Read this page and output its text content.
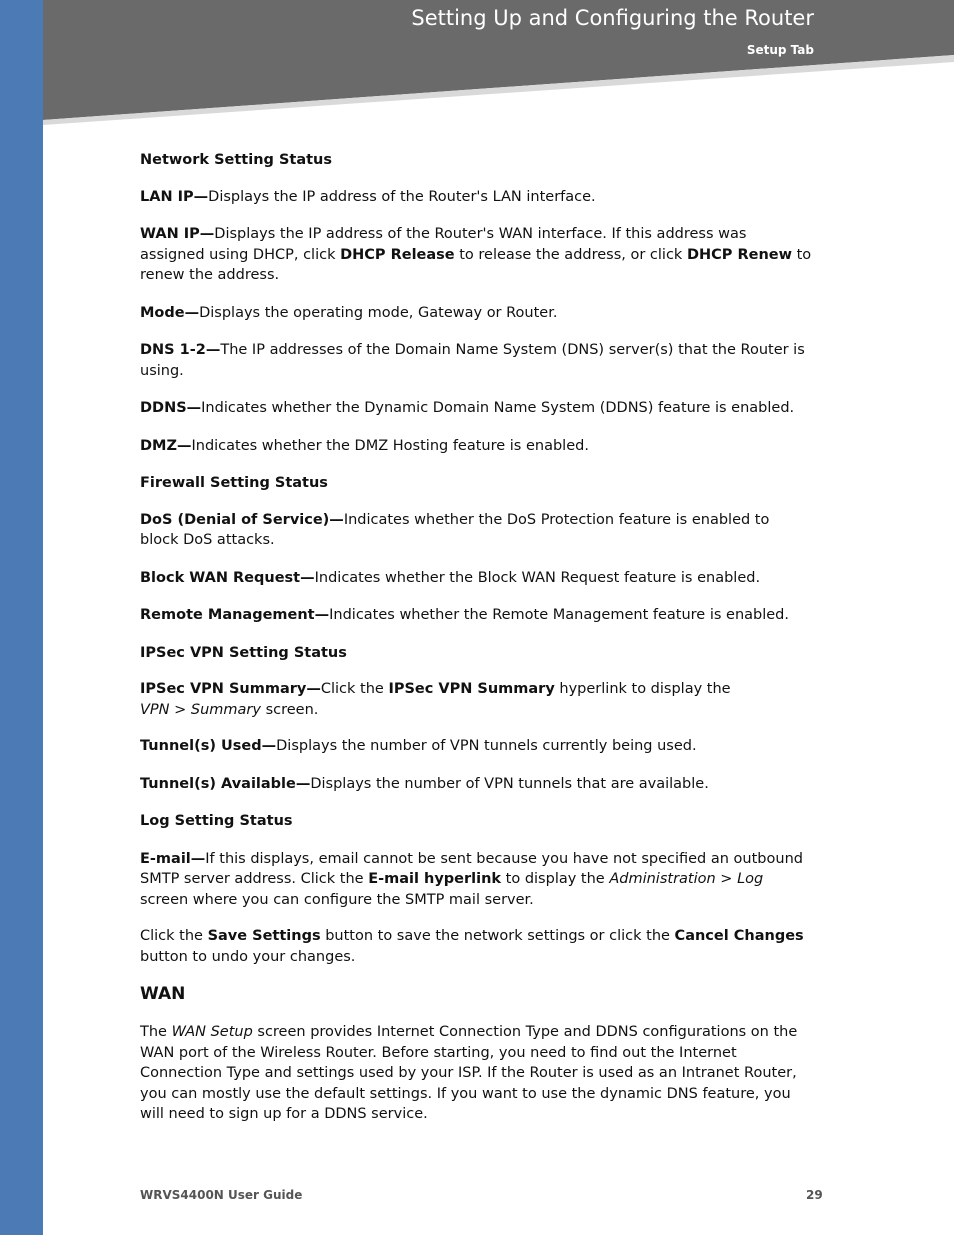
Setting Up and Configuring the Router
Setup Tab

Network Setting Status

LAN IP—Displays the IP address of the Router's LAN interface.

WAN IP—Displays the IP address of the Router's WAN interface. If this address was assigned using DHCP, click DHCP Release to release the address, or click DHCP Renew to renew the address.

Mode—Displays the operating mode, Gateway or Router.

DNS 1-2—The IP addresses of the Domain Name System (DNS) server(s) that the Router is using.

DDNS—Indicates whether the Dynamic Domain Name System (DDNS) feature is enabled.

DMZ—Indicates whether the DMZ Hosting feature is enabled.

Firewall Setting Status

DoS (Denial of Service)—Indicates whether the DoS Protection feature is enabled to block DoS attacks.

Block WAN Request—Indicates whether the Block WAN Request feature is enabled.

Remote Management—Indicates whether the Remote Management feature is enabled.

IPSec VPN Setting Status

IPSec VPN Summary—Click the IPSec VPN Summary hyperlink to display the
VPN > Summary screen.

Tunnel(s) Used—Displays the number of VPN tunnels currently being used.

Tunnel(s) Available—Displays the number of VPN tunnels that are available.

Log Setting Status

E-mail—If this displays, email cannot be sent because you have not specified an outbound SMTP server address. Click the E-mail hyperlink to display the Administration > Log screen where you can configure the SMTP mail server.

Click the Save Settings button to save the network settings or click the Cancel Changes button to undo your changes.

WAN

The WAN Setup screen provides Internet Connection Type and DDNS configurations on the WAN port of the Wireless Router. Before starting, you need to find out the Internet Connection Type and settings used by your ISP. If the Router is used as an Intranet Router, you can mostly use the default settings. If you want to use the dynamic DNS feature, you will need to sign up for a DDNS service.

WRVS4400N User Guide	29
